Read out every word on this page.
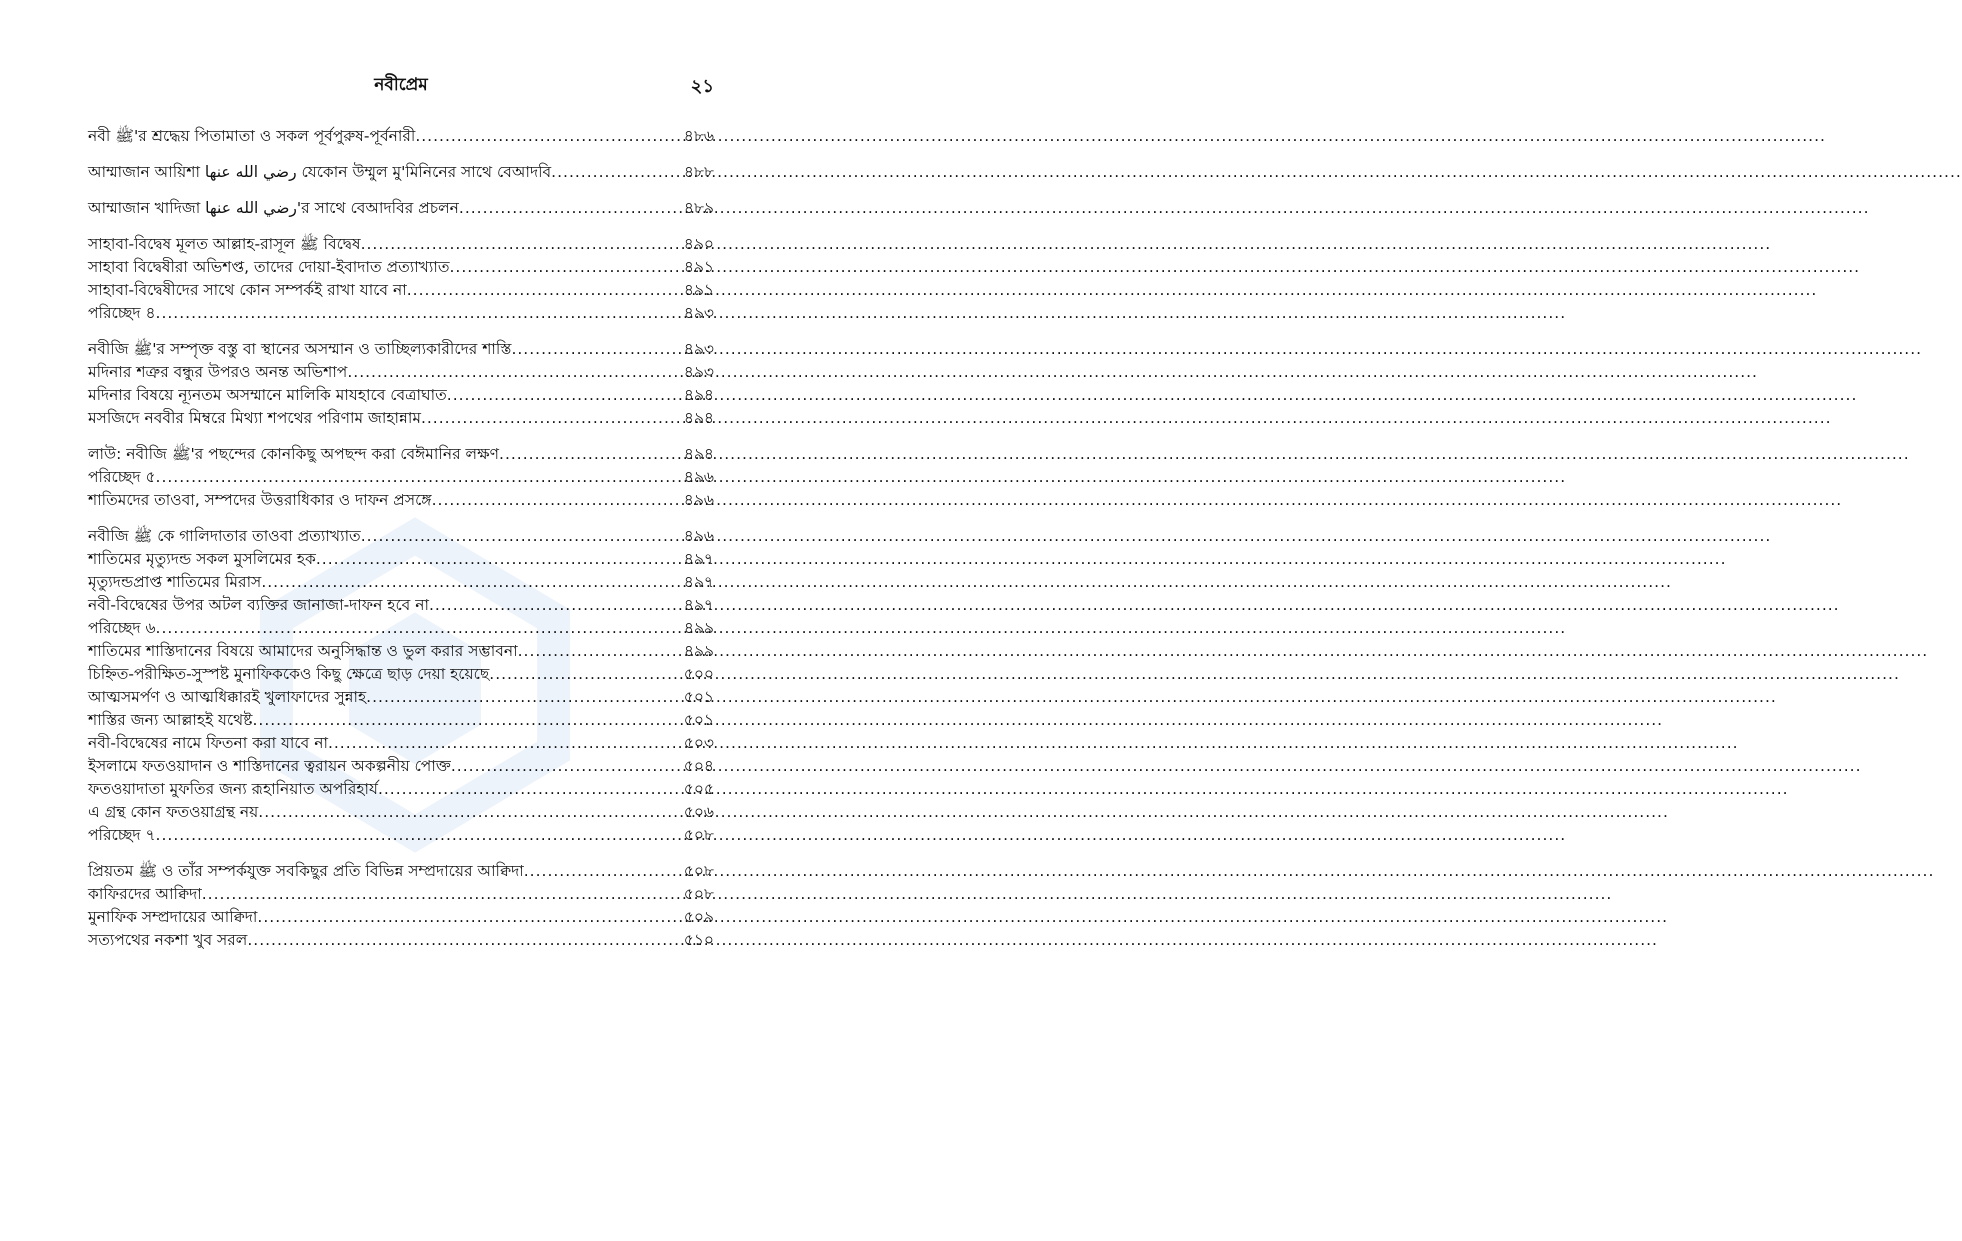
নবীপ্রেম	২১
নবী ﷺ'র শ্রদ্ধেয় পিতামাতা ও সকল পূর্বপুরুষ-পূর্বনারী .....	৪৮৬
আম্মাজান আয়িশা رضي الله عنها যেকোন উম্মুল মু'মিনিনের সাথে বেআদবি .....	৪৮৮
আম্মাজান খাদিজা رضي الله عنها'র সাথে বেআদবির প্রচলন .....	৪৮৯
সাহাবা-বিদ্বেষ মূলত আল্লাহ-রাসূল ﷺ বিদ্বেষ .....	৪৯০
সাহাবা বিদ্বেষীরা অভিশপ্ত, তাদের দোয়া-ইবাদাত প্রত্যাখ্যাত .....	৪৯১
সাহাবা-বিদ্বেষীদের সাথে কোন সম্পর্কই রাখা যাবে না .....	৪৯১
পরিচ্ছেদ ৪ .....	৪৯৩
নবীজি ﷺ'র সম্পৃক্ত বস্তু বা স্থানের অসম্মান ও তাচ্ছিল্যকারীদের শাস্তি .....	৪৯৩
মদিনার শত্রুর বন্ধুর উপরও অনন্ত অভিশাপ .....	৪৯৩
মদিনার বিষয়ে ন্যূনতম অসম্মানে মালিকি মাযহাবে বেত্রাঘাত .....	৪৯৪
মসজিদে নববীর মিম্বরে মিথ্যা শপথের পরিণাম জাহান্নাম .....	৪৯৪
লাউ: নবীজি ﷺ'র পছন্দের কোনকিছু অপছন্দ করা বেঈমানির লক্ষণ .....	৪৯৪
পরিচ্ছেদ ৫ .....	৪৯৬
শাতিমদের তাওবা, সম্পদের উত্তরাধিকার ও দাফন প্রসঙ্গে .....	৪৯৬
নবীজি ﷺ কে গালিদাতার তাওবা প্রত্যাখ্যাত .....	৪৯৬
শাতিমের মৃত্যুদন্ড সকল মুসলিমের হক .....	৪৯৭
মৃত্যুদন্ডপ্রাপ্ত শাতিমের মিরাস .....	৪৯৭
নবী-বিদ্বেষের উপর অটল ব্যক্তির জানাজা-দাফন হবে না .....	৪৯৭
পরিচ্ছেদ ৬ .....	৪৯৯
শাতিমের শাস্তিদানের বিষয়ে আমাদের অনুসিদ্ধান্ত ও ভুল করার সম্ভাবনা .....	৪৯৯
চিহ্নিত-পরীক্ষিত-সুস্পষ্ট মুনাফিককেও কিছু ক্ষেত্রে ছাড় দেয়া হয়েছে .....	৫০০
আত্মসমর্পণ ও আত্মধিক্কারই খুলাফাদের সুন্নাহ .....	৫০১
শাস্তির জন্য আল্লাহই যথেষ্ট .....	৫০১
নবী-বিদ্বেষের নামে ফিতনা করা যাবে না .....	৫০৩
ইসলামে ফতওয়াদান ও শাস্তিদানের ত্বরায়ন অকল্পনীয় পোক্ত .....	৫০৪
ফতওয়াদাতা মুফতির জন্য রূহানিয়াত অপরিহার্য .....	৫০৫
এ গ্রন্থ কোন ফতওয়াগ্রন্থ নয় .....	৫০৬
পরিচ্ছেদ ৭ .....	৫০৮
প্রিয়তম ﷺ ও তাঁর সম্পর্কযুক্ত সবকিছুর প্রতি বিভিন্ন সম্প্রদায়ের আক্বিদা .....	৫০৮
কাফিরদের আক্বিদা .....	৫০৮
মুনাফিক সম্প্রদায়ের আক্বিদা .....	৫০৯
সত্যপথের নকশা খুব সরল .....	৫১০
